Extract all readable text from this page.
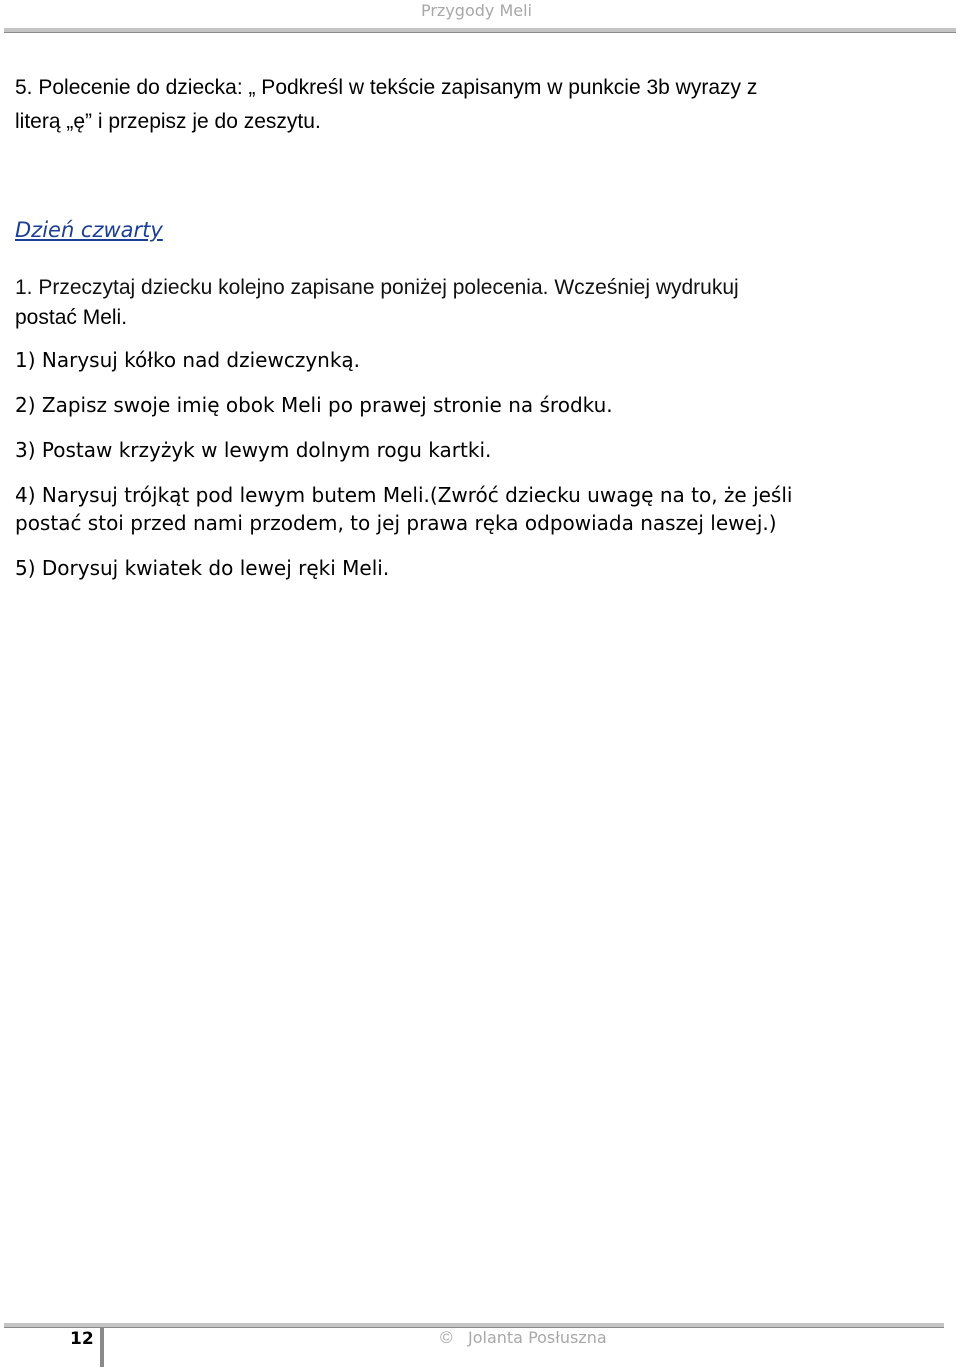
Przygody Meli
5. Polecenie do dziecka: „ Podkreśl w tekście zapisanym w punkcie 3b wyrazy z
literą „ę” i przepisz je do zeszytu.
Dzień czwarty
1. Przeczytaj dziecku kolejno zapisane poniżej polecenia. Wcześniej wydrukuj
postać Meli.
1) Narysuj kółko nad dziewczynką.
2) Zapisz swoje imię obok Meli po prawej stronie na środku.
3) Postaw krzyżyk w lewym dolnym rogu kartki.
4) Narysuj trójkąt pod lewym butem Meli.(Zwróć dziecku uwagę na to, że jeśli
postać stoi przed nami przodem, to jej prawa ręka odpowiada naszej lewej.)
5) Dorysuj kwiatek do lewej ręki Meli.
12	© Jolanta Posłuszna
